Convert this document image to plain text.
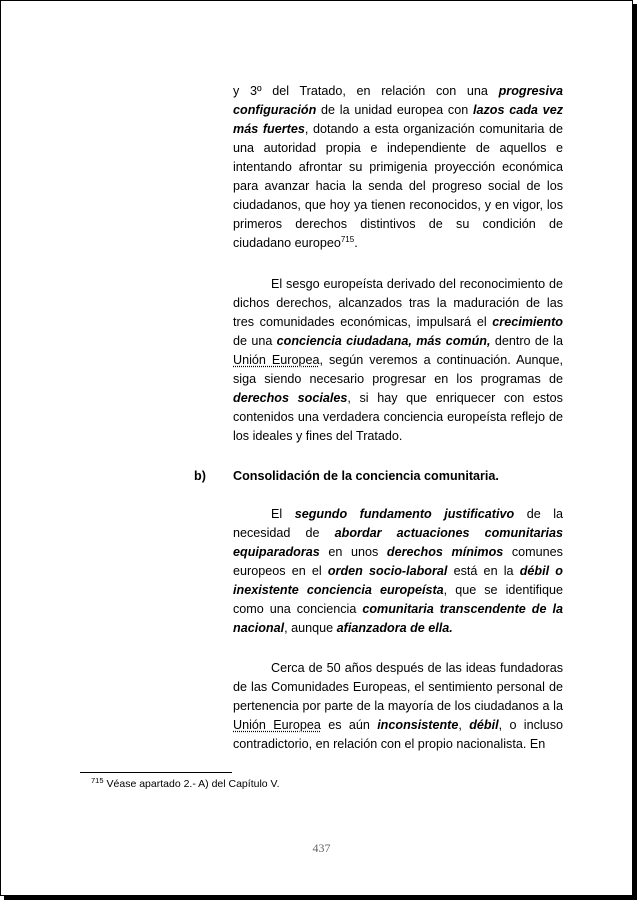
y 3º del Tratado, en relación con una progresiva configuración de la unidad europea con lazos cada vez más fuertes, dotando a esta organización comunitaria de una autoridad propia e independiente de aquellos e intentando afrontar su primigenia proyección económica para avanzar hacia la senda del progreso social de los ciudadanos, que hoy ya tienen reconocidos, y en vigor, los primeros derechos distintivos de su condición de ciudadano europeo$^{715}$.

El sesgo europeísta derivado del reconocimiento de dichos derechos, alcanzados tras la maduración de las tres comunidades económicas, impulsará el crecimiento de una conciencia ciudadana, más común, dentro de la Unión Europea, según veremos a continuación. Aunque, siga siendo necesario progresar en los programas de derechos sociales, si hay que enriquecer con estos contenidos una verdadera conciencia europeísta reflejo de los ideales y fines del Tratado.

b) Consolidación de la conciencia comunitaria.

El segundo fundamento justificativo de la necesidad de abordar actuaciones comunitarias equiparadoras en unos derechos mínimos comunes europeos en el orden socio-laboral está en la débil o inexistente conciencia europeísta, que se identifique como una conciencia comunitaria transcendente de la nacional, aunque afianzadora de ella.

Cerca de 50 años después de las ideas fundadoras de las Comunidades Europeas, el sentimiento personal de pertenencia por parte de la mayoría de los ciudadanos a la Unión Europea es aún inconsistente, débil, o incluso contradictorio, en relación con el propio nacionalista. En

$^{715}$ Véase apartado 2.- A) del Capítulo V.
437
